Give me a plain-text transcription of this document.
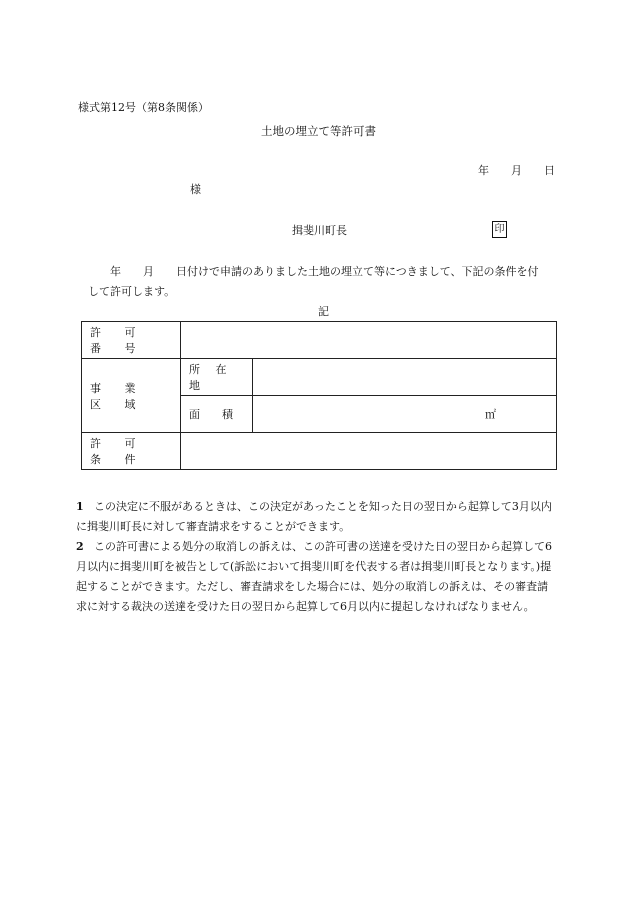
様式第12号（第8条関係）
土地の埋立て等許可書
年 月 日
様
揖斐川町長	印
年 月 日付けで申請のありました土地の埋立て等につきまして、下記の条件を付
して許可します。
記
許 可 番 号		
事 業 区 域	所 在 地	
	面　　積	㎡
許 可 条 件		
1 この決定に不服があるときは、この決定があったことを知った日の翌日から起算して3月以内に揖斐川町長に対して審査請求をすることができます。
2 この許可書による処分の取消しの訴えは、この許可書の送達を受けた日の翌日から起算して6月以内に揖斐川町を被告として(訴訟において揖斐川町を代表する者は揖斐川町長となります。)提起することができます。ただし、審査請求をした場合には、処分の取消しの訴えは、その審査請求に対する裁決の送達を受けた日の翌日から起算して6月以内に提起しなければなりません。
